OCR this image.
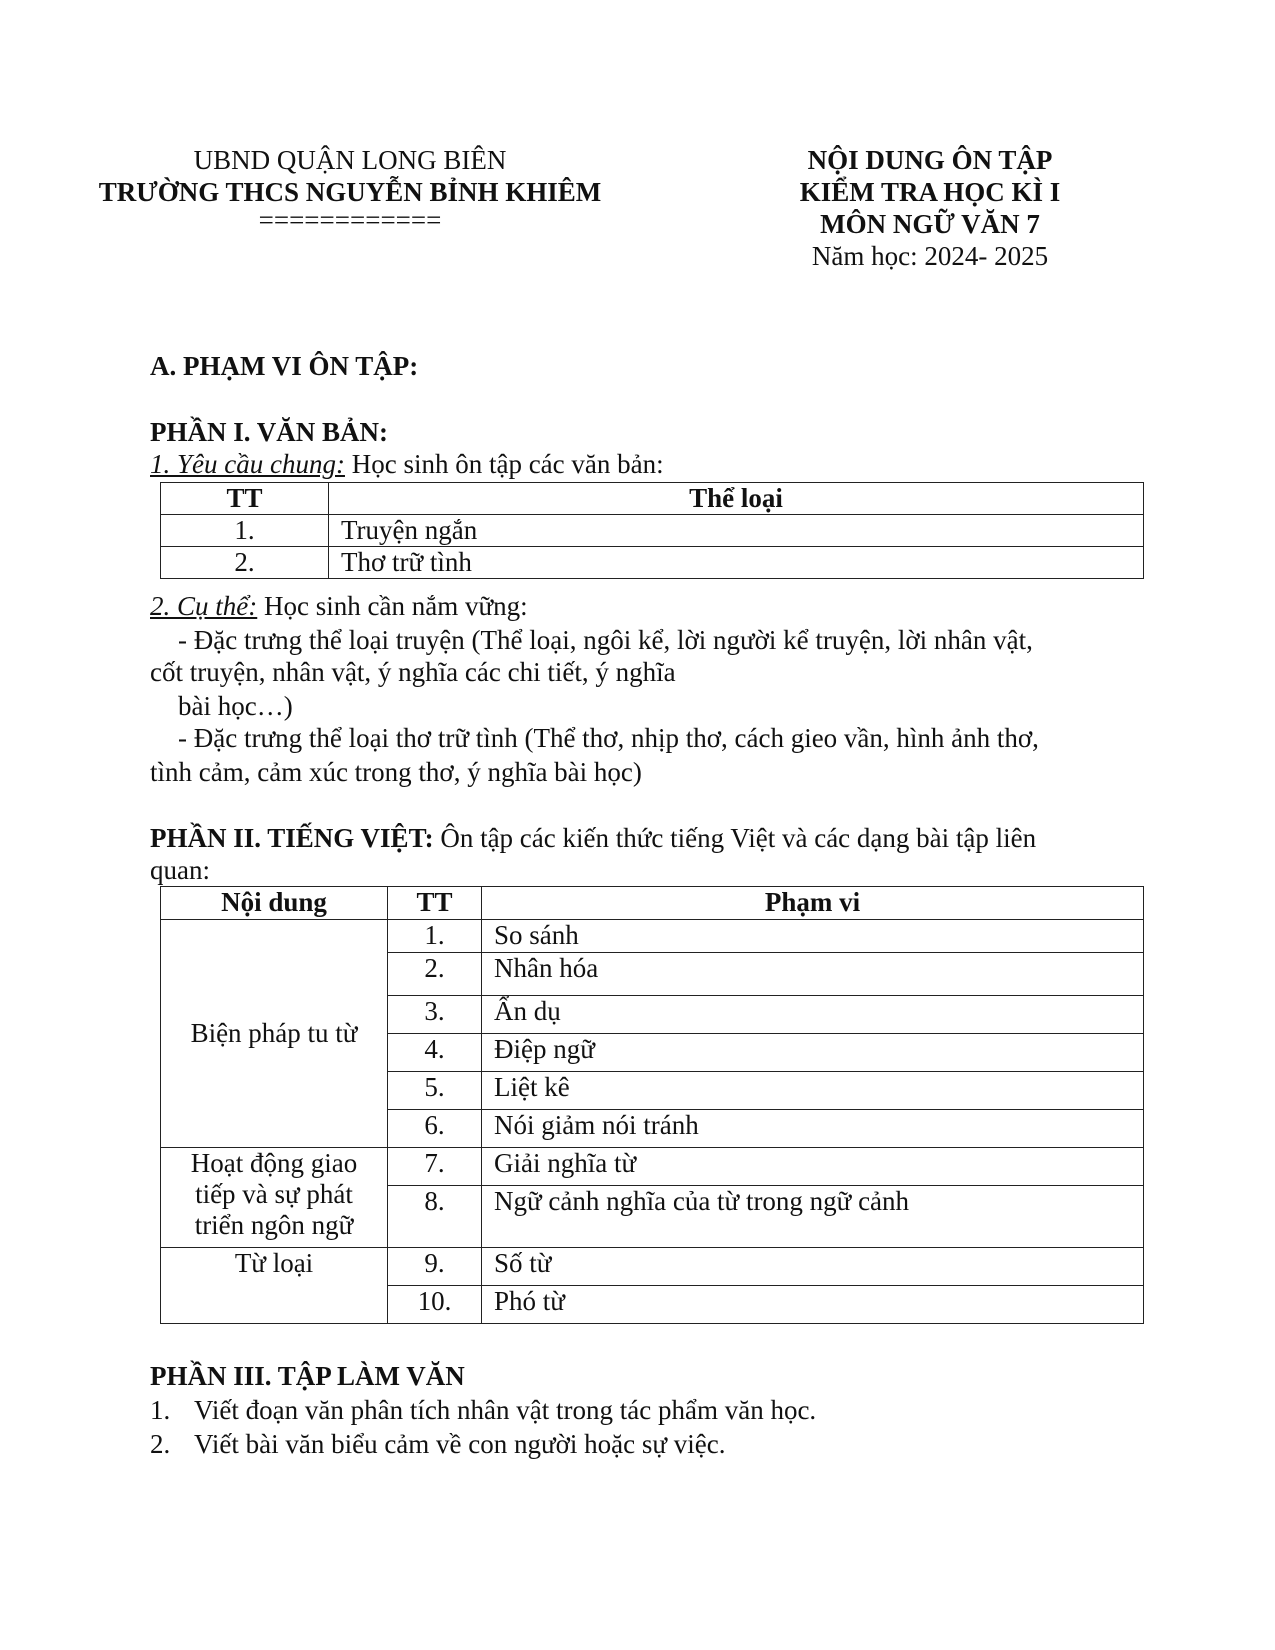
UBND QUẬN LONG BIÊN
TRƯỜNG THCS NGUYỄN BỈNH KHIÊM
============
NỘI DUNG ÔN TẬP
KIỂM TRA HỌC KÌ I
MÔN NGỮ VĂN 7
Năm học: 2024- 2025
A. PHẠM VI ÔN TẬP:
PHẦN I. VĂN BẢN:
1. Yêu cầu chung: Học sinh ôn tập các văn bản:
TT	Thể loại
1.	Truyện ngắn
2.	Thơ trữ tình
2. Cụ thể: Học sinh cần nắm vững:
- Đặc trưng thể loại truyện (Thể loại, ngôi kể, lời người kể truyện, lời nhân vật,
cốt truyện, nhân vật, ý nghĩa các chi tiết, ý nghĩa
bài học…)
- Đặc trưng thể loại thơ trữ tình (Thể thơ, nhịp thơ, cách gieo vần, hình ảnh thơ,
tình cảm, cảm xúc trong thơ, ý nghĩa bài học)
PHẦN II. TIẾNG VIỆT: Ôn tập các kiến thức tiếng Việt và các dạng bài tập liên
quan:
Nội dung	TT	Phạm vi
Biện pháp tu từ	1.	So sánh
	2.	Nhân hóa
	3.	Ẩn dụ
	4.	Điệp ngữ
	5.	Liệt kê
	6.	Nói giảm nói tránh

Hoạt động giao
tiếp và sự phát
triển ngôn ngữ	7.	Giải nghĩa từ
	8.	Ngữ cảnh nghĩa của từ trong ngữ cảnh
Từ loại	9.	Số từ
	10.	Phó từ
PHẦN III. TẬP LÀM VĂN
1. Viết đoạn văn phân tích nhân vật trong tác phẩm văn học.
2. Viết bài văn biểu cảm về con người hoặc sự việc.
